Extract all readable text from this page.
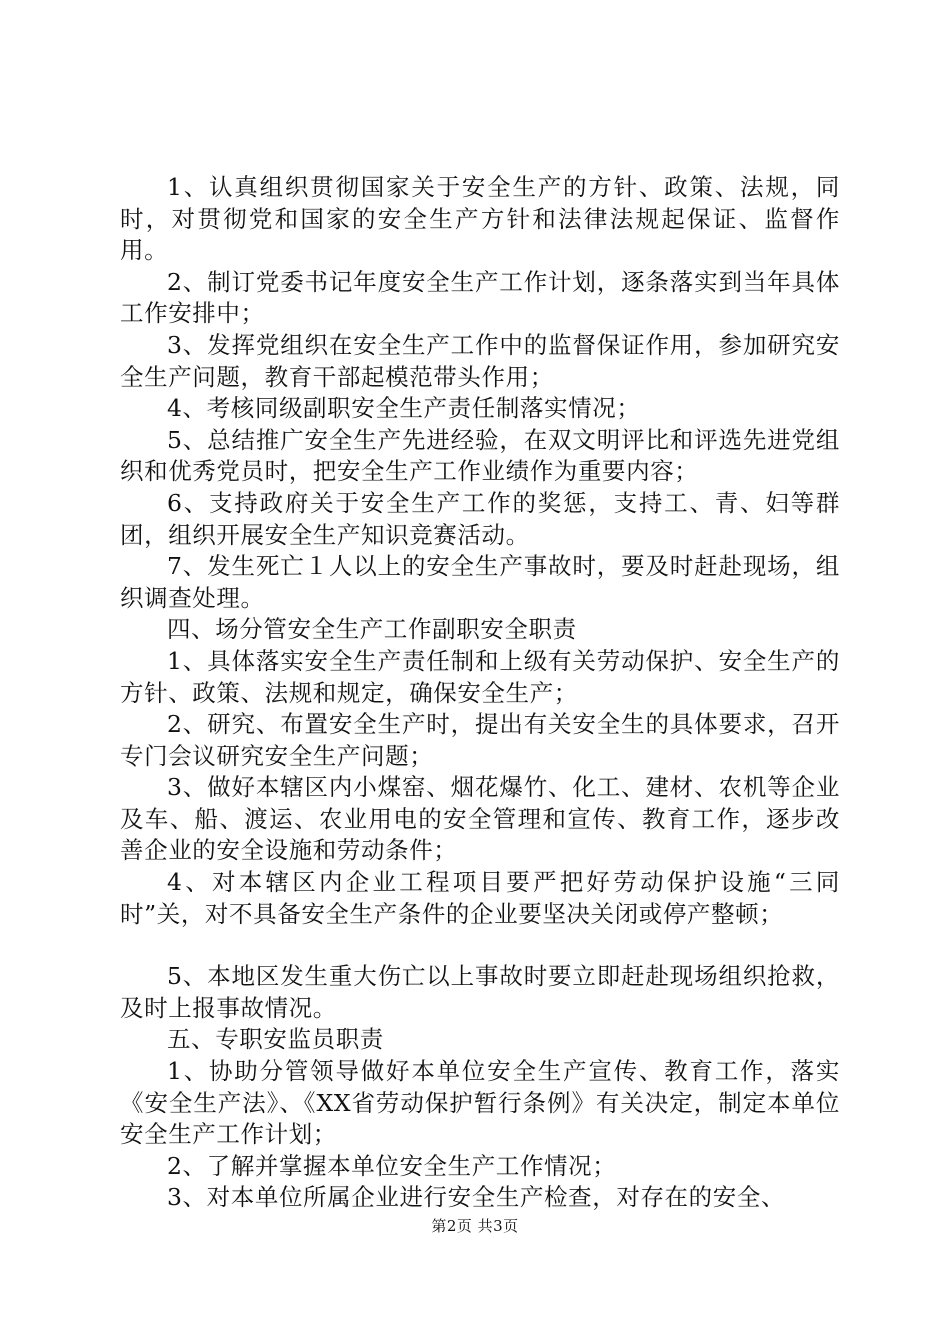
1、认真组织贯彻国家关于安全生产的方针、政策、法规，同时，对贯彻党和国家的安全生产方针和法律法规起保证、监督作用。

2、制订党委书记年度安全生产工作计划，逐条落实到当年具体工作安排中；

3、发挥党组织在安全生产工作中的监督保证作用，参加研究安全生产问题，教育干部起模范带头作用；

4、考核同级副职安全生产责任制落实情况；

5、总结推广安全生产先进经验，在双文明评比和评选先进党组织和优秀党员时，把安全生产工作业绩作为重要内容；

6、支持政府关于安全生产工作的奖惩，支持工、青、妇等群团，组织开展安全生产知识竞赛活动。

7、发生死亡１人以上的安全生产事故时，要及时赶赴现场，组织调查处理。

四、场分管安全生产工作副职安全职责

1、具体落实安全生产责任制和上级有关劳动保护、安全生产的方针、政策、法规和规定，确保安全生产；

2、研究、布置安全生产时，提出有关安全生的具体要求，召开专门会议研究安全生产问题；

3、做好本辖区内小煤窑、烟花爆竹、化工、建材、农机等企业及车、船、渡运、农业用电的安全管理和宣传、教育工作，逐步改善企业的安全设施和劳动条件；

4、对本辖区内企业工程项目要严把好劳动保护设施“三同时”关，对不具备安全生产条件的企业要坚决关闭或停产整顿；

5、本地区发生重大伤亡以上事故时要立即赶赴现场组织抢救，及时上报事故情况。

五、专职安监员职责

1、协助分管领导做好本单位安全生产宣传、教育工作，落实《安全生产法》、《XX省劳动保护暂行条例》有关决定，制定本单位安全生产工作计划；

2、了解并掌握本单位安全生产工作情况；

3、对本单位所属企业进行安全生产检查，对存在的安全、

第2页 共3页
